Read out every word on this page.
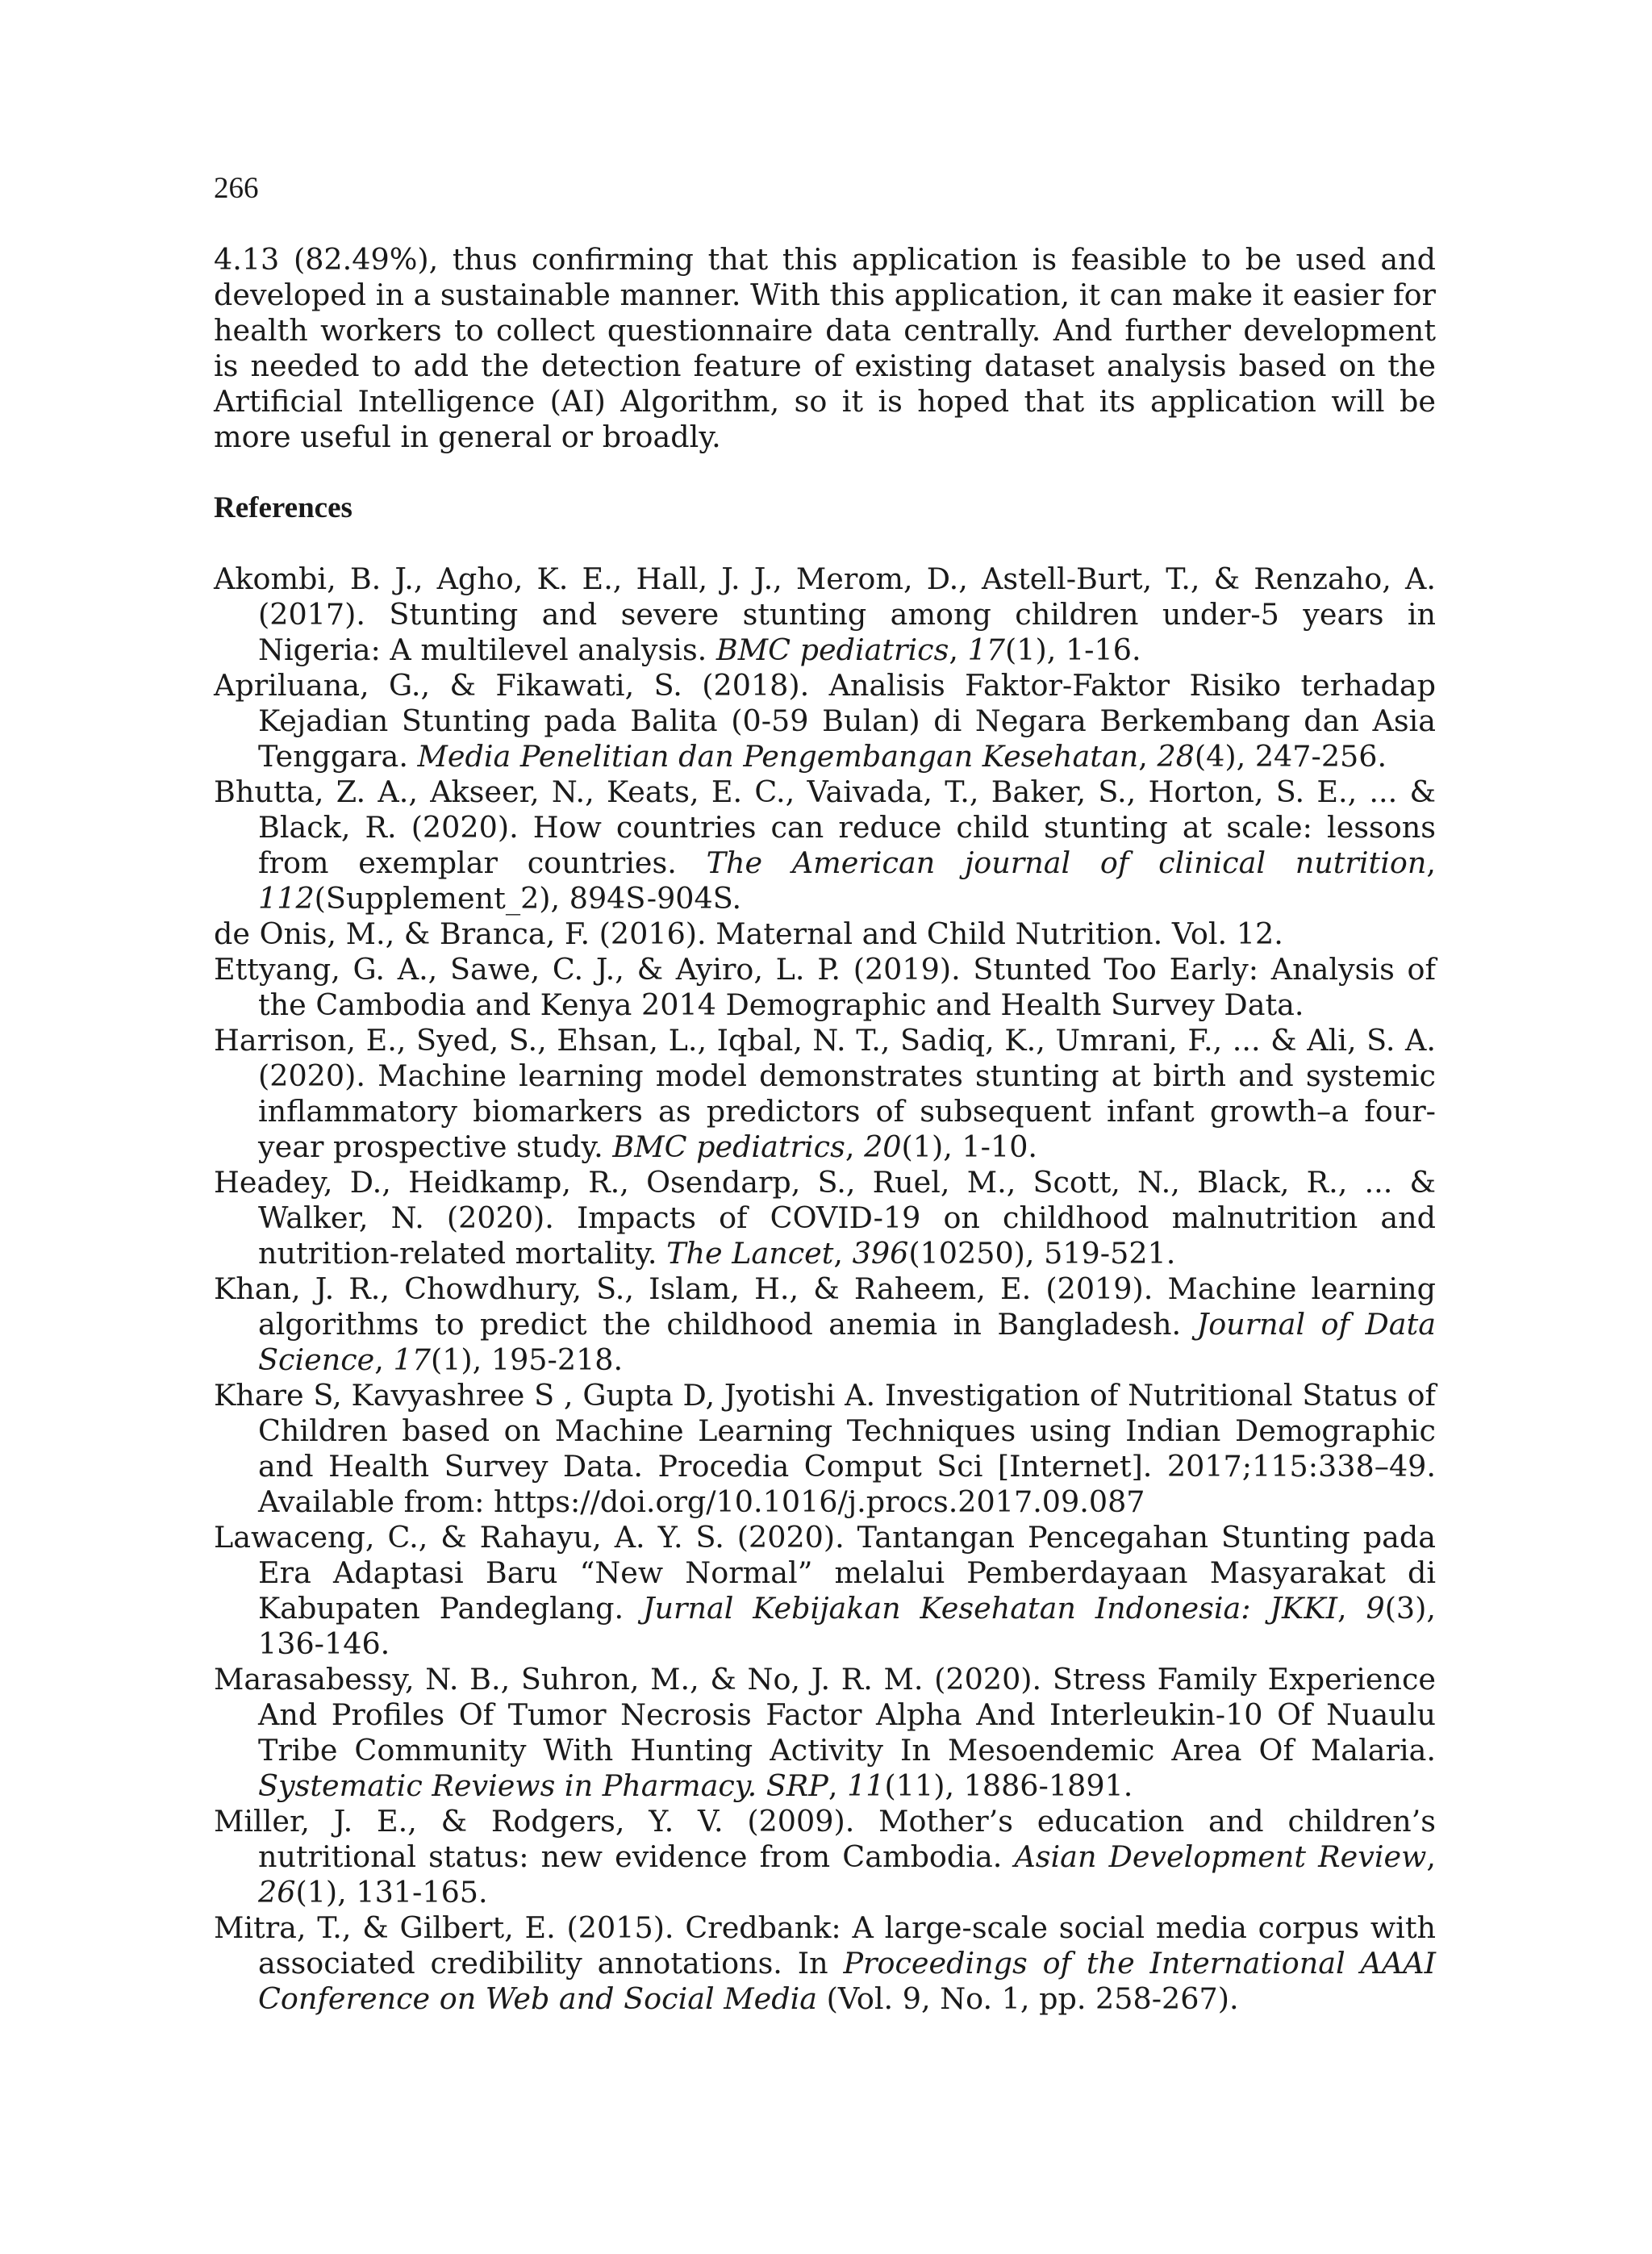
266

4.13 (82.49%), thus confirming that this application is feasible to be used and developed in a sustainable manner. With this application, it can make it easier for health workers to collect questionnaire data centrally. And further development is needed to add the detection feature of existing dataset analysis based on the Artificial Intelligence (AI) Algorithm, so it is hoped that its application will be more useful in general or broadly.

References

Akombi, B. J., Agho, K. E., Hall, J. J., Merom, D., Astell-Burt, T., & Renzaho, A. (2017). Stunting and severe stunting among children under-5 years in Nigeria: A multilevel analysis. BMC pediatrics, 17(1), 1-16.

Apriluana, G., & Fikawati, S. (2018). Analisis Faktor-Faktor Risiko terhadap Kejadian Stunting pada Balita (0-59 Bulan) di Negara Berkembang dan Asia Tenggara. Media Penelitian dan Pengembangan Kesehatan, 28(4), 247-256.

Bhutta, Z. A., Akseer, N., Keats, E. C., Vaivada, T., Baker, S., Horton, S. E., ... & Black, R. (2020). How countries can reduce child stunting at scale: lessons from exemplar countries. The American journal of clinical nutrition, 112(Supplement_2), 894S-904S.

de Onis, M., & Branca, F. (2016). Maternal and Child Nutrition. Vol. 12.

Ettyang, G. A., Sawe, C. J., & Ayiro, L. P. (2019). Stunted Too Early: Analysis of the Cambodia and Kenya 2014 Demographic and Health Survey Data.

Harrison, E., Syed, S., Ehsan, L., Iqbal, N. T., Sadiq, K., Umrani, F., ... & Ali, S. A. (2020). Machine learning model demonstrates stunting at birth and systemic inflammatory biomarkers as predictors of subsequent infant growth–a four-year prospective study. BMC pediatrics, 20(1), 1-10.

Headey, D., Heidkamp, R., Osendarp, S., Ruel, M., Scott, N., Black, R., ... & Walker, N. (2020). Impacts of COVID-19 on childhood malnutrition and nutrition-related mortality. The Lancet, 396(10250), 519-521.

Khan, J. R., Chowdhury, S., Islam, H., & Raheem, E. (2019). Machine learning algorithms to predict the childhood anemia in Bangladesh. Journal of Data Science, 17(1), 195-218.

Khare S, Kavyashree S , Gupta D, Jyotishi A. Investigation of Nutritional Status of Children based on Machine Learning Techniques using Indian Demographic and Health Survey Data. Procedia Comput Sci [Internet]. 2017;115:338–49. Available from: https://doi.org/10.1016/j.procs.2017.09.087

Lawaceng, C., & Rahayu, A. Y. S. (2020). Tantangan Pencegahan Stunting pada Era Adaptasi Baru “New Normal” melalui Pemberdayaan Masyarakat di Kabupaten Pandeglang. Jurnal Kebijakan Kesehatan Indonesia: JKKI, 9(3), 136-146.

Marasabessy, N. B., Suhron, M., & No, J. R. M. (2020). Stress Family Experience And Profiles Of Tumor Necrosis Factor Alpha And Interleukin-10 Of Nuaulu Tribe Community With Hunting Activity In Mesoendemic Area Of Malaria. Systematic Reviews in Pharmacy. SRP, 11(11), 1886-1891.

Miller, J. E., & Rodgers, Y. V. (2009). Mother’s education and children’s nutritional status: new evidence from Cambodia. Asian Development Review, 26(1), 131-165.

Mitra, T., & Gilbert, E. (2015). Credbank: A large-scale social media corpus with associated credibility annotations. In Proceedings of the International AAAI Conference on Web and Social Media (Vol. 9, No. 1, pp. 258-267).
